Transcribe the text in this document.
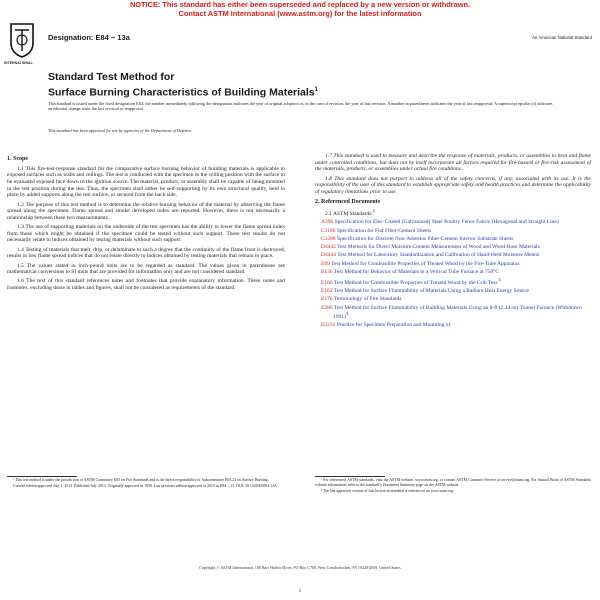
NOTICE: This standard has either been superseded and replaced by a new version or withdrawn.
Contact ASTM International (www.astm.org) for the latest information
INTERNATIONAL
Designation: E84 − 13a	An American National Standard
Standard Test Method for
Surface Burning Characteristics of Building Materials$^1$
This standard is issued under the fixed designation E84; the number immediately following the designation indicates the year of original adoption or, in the case of revision, the year of last revision. A number in parentheses indicates the year of last reapproval. A superscript epsilon (ε) indicates an editorial change since the last revision or reapproval.
This standard has been approved for use by agencies of the Department of Defense.
1. Scope

1.1 This fire-test-response standard for the comparative surface burning behavior of building materials is applicable to exposed surfaces such as walls and ceilings. The test is conducted with the specimen in the ceiling position with the surface to be evaluated exposed face down to the ignition source. The material, product, or assembly shall be capable of being mounted in the test position during the test. Thus, the specimen shall either be self-supporting by its own structural quality, held in place by added supports along the test surface, or secured from the back side.

1.2 The purpose of this test method is to determine the relative burning behavior of the material by observing the flame spread along the specimen. Flame spread and smoke developed index are reported. However, there is not necessarily a relationship between these two measurements.

1.3 The use of supporting materials on the underside of the test specimen has the ability to lower the flame spread index from those which might be obtained if the specimen could be tested without such support. These test results do not necessarily relate to indices obtained by testing materials without such support.

1.4 Testing of materials that melt, drip, or delaminate to such a degree that the continuity of the flame front is destroyed, results in low flame spread indices that do not relate directly to indices obtained by testing materials that remain in place.

1.5 The values stated in inch-pound units are to be regarded as standard. The values given in parentheses are mathematical conversions to SI units that are provided for information only and are not considered standard.

1.6 The text of this standard references notes and footnotes that provide explanatory information. These notes and footnotes, excluding those in tables and figures, shall not be considered as requirements of the standard.

1.7 This standard is used to measure and describe the response of materials, products, or assemblies to heat and flame under controlled conditions, but does not by itself incorporate all factors required for fire-hazard or fire-risk assessment of the materials, products, or assemblies under actual fire conditions..

1.8 This standard does not purport to address all of the safety concerns, if any, associated with its use. It is the responsibility of the user of this standard to establish appropriate safety and health practices and determine the applicability of regulatory limitations prior to use.

2. Referenced Documents
2.1 ASTM Standards:$^2$
A390 Specification for Zinc-Coated (Galvanized) Steel Poultry Fence Fabric (Hexagonal and Straight Line)
C1186 Specification for Flat Fiber-Cement Sheets
C1288 Specification for Discrete Non-Asbestos Fiber-Cement Interior Substrate Sheets
D4442 Test Methods for Direct Moisture Content Measurement of Wood and Wood-Base Materials
D4444 Test Method for Laboratory Standardization and Calibration of Hand-Held Moisture Meters
E69 Test Method for Combustible Properties of Treated Wood by the Fire-Tube Apparatus
E136 Test Method for Behavior of Materials in a Vertical Tube Furnace at 750°C
E160 Test Method for Combustible Properties of Treated Wood by the Crib Test $^3$
E162 Test Method for Surface Flammability of Materials Using a Radiant Heat Energy Source
E176 Terminology of Fire Standards
E286 Test Method for Surface Flammability of Building Materials Using an 8-ft (2.44-m) Tunnel Furnace (Withdrawn 1991)$^3$
E2231 Practice for Specimen Preparation and Mounting of

¹ This test method is under the jurisdiction of ASTM Committee E05 on Fire Standards and is the direct responsibility of Subcommittee E05.22 on Surface Burning.

Current edition approved July 1, 2013. Published July 2013. Originally approved in 1950. Last previous edition approved in 2013 as E84 – 13. DOI: 10.1520/E0084-13A.

² For referenced ASTM standards, visit the ASTM website, www.astm.org, or contact ASTM Customer Service at service@astm.org. For Annual Book of ASTM Standards volume information, refer to the standard’s Document Summary page on the ASTM website.

³ The last approved version of this historical standard is referenced on www.astm.org.

Copyright © ASTM International, 100 Barr Harbor Drive, PO Box C700, West Conshohocken, PA 19428-2959. United States
1
